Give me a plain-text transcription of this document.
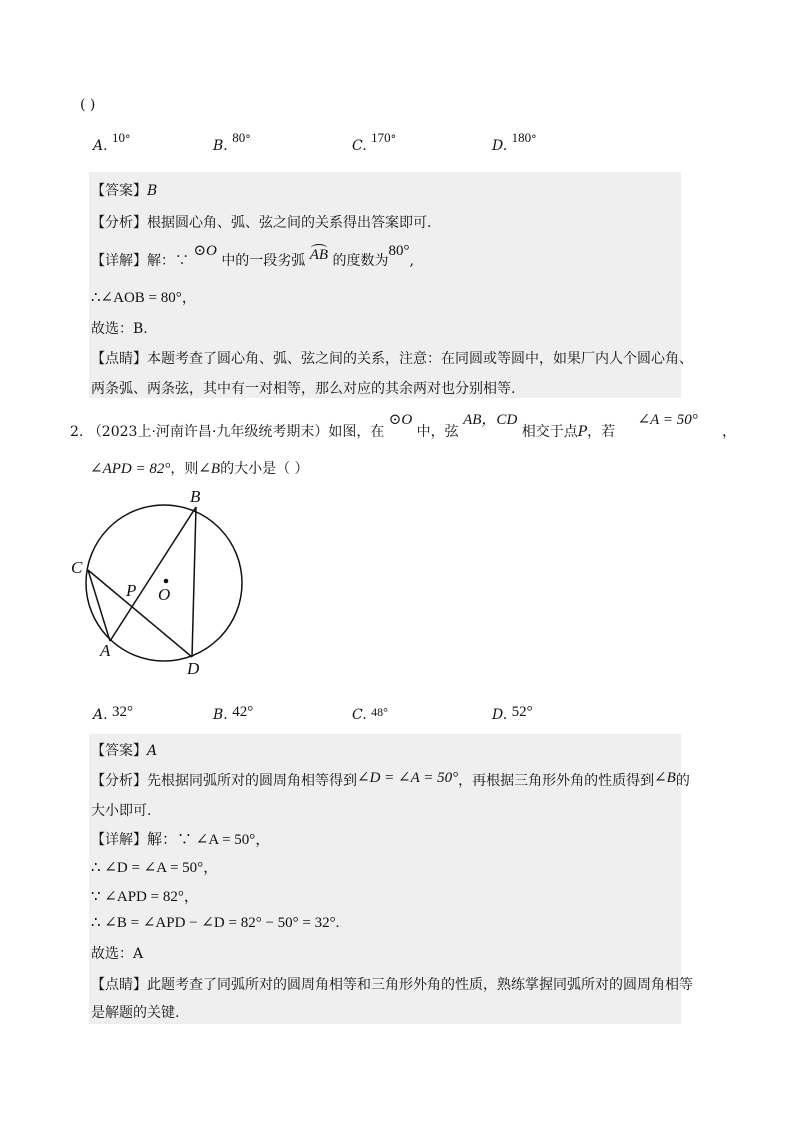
( )
A. 10°	B. 80°	C. 170°	D. 180°
【答案】B
【分析】根据圆心角、弧、弦之间的关系得出答案即可.
【详解】解：∵ ⊙O 中的一段劣弧 AB 的度数为80°,
∴∠AOB = 80°，
故选：B.
【点睛】本题考查了圆心角、弧、弦之间的关系，注意：在同圆或等圆中，如果厂内人个圆心角、
两条弧、两条弦，其中有一对相等，那么对应的其余两对也分别相等.
2. （2023上·河南许昌·九年级统考期末）如图，在 ⊙O 中，弦 AB，CD 相交于点P，若 ∠A = 50° ，
∠APD = 82°，则∠B的大小是（ ）
B
C
P O
A
D
A. 32°	B. 42°	C. 48°	D. 52°
【答案】A
【分析】先根据同弧所对的圆周角相等得到∠D = ∠A = 50°，再根据三角形外角的性质得到∠B的
大小即可.
【详解】解：∵ ∠A = 50°，
∴ ∠D = ∠A = 50°，
∵ ∠APD = 82°，
∴ ∠B = ∠APD − ∠D = 82° − 50° = 32°.
故选：A
【点睛】此题考查了同弧所对的圆周角相等和三角形外角的性质，熟练掌握同弧所对的圆周角相等
是解题的关键.
